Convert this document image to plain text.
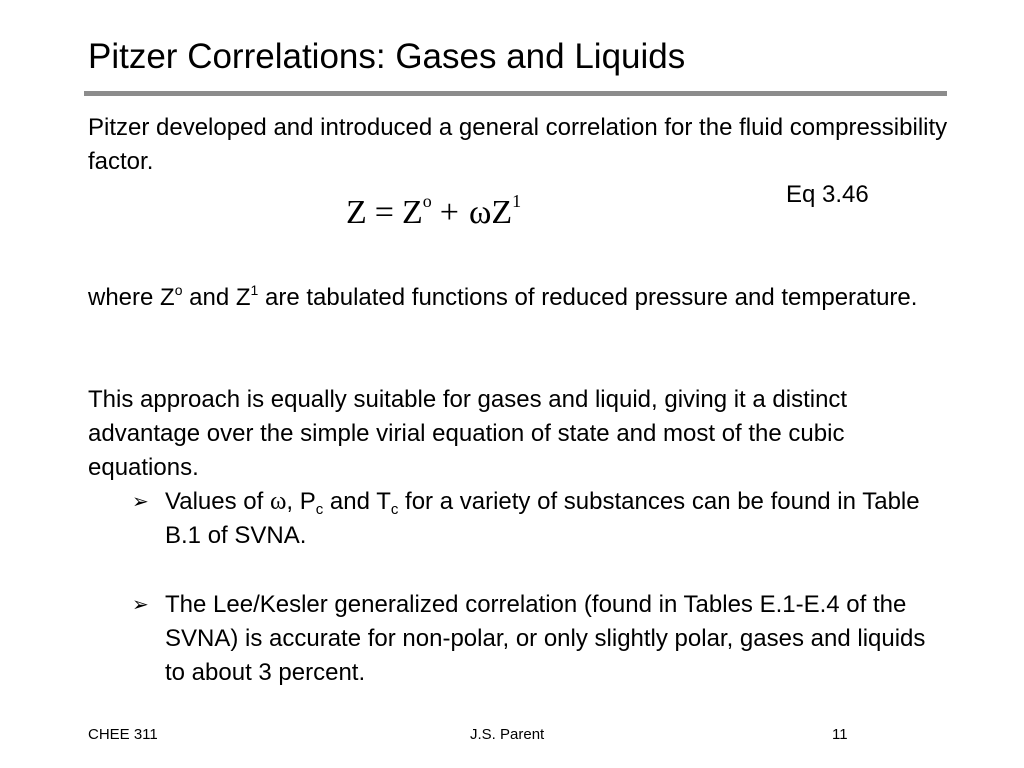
Pitzer Correlations: Gases and Liquids

Pitzer developed and introduced a general correlation for the fluid compressibility factor.

Eq 3.46
$Z = Z^o + \omega Z^1$

where $Z^o$ and $Z^1$ are tabulated functions of reduced pressure and temperature.

This approach is equally suitable for gases and liquid, giving it a distinct advantage over the simple virial equation of state and most of the cubic equations.

➢ Values of ω, $P_c$ and $T_c$ for a variety of substances can be found in Table B.1 of SVNA.
➢ The Lee/Kesler generalized correlation (found in Tables E.1-E.4 of the SVNA) is accurate for non-polar, or only slightly polar, gases and liquids to about 3 percent.
CHEE 311	J.S. Parent	11
